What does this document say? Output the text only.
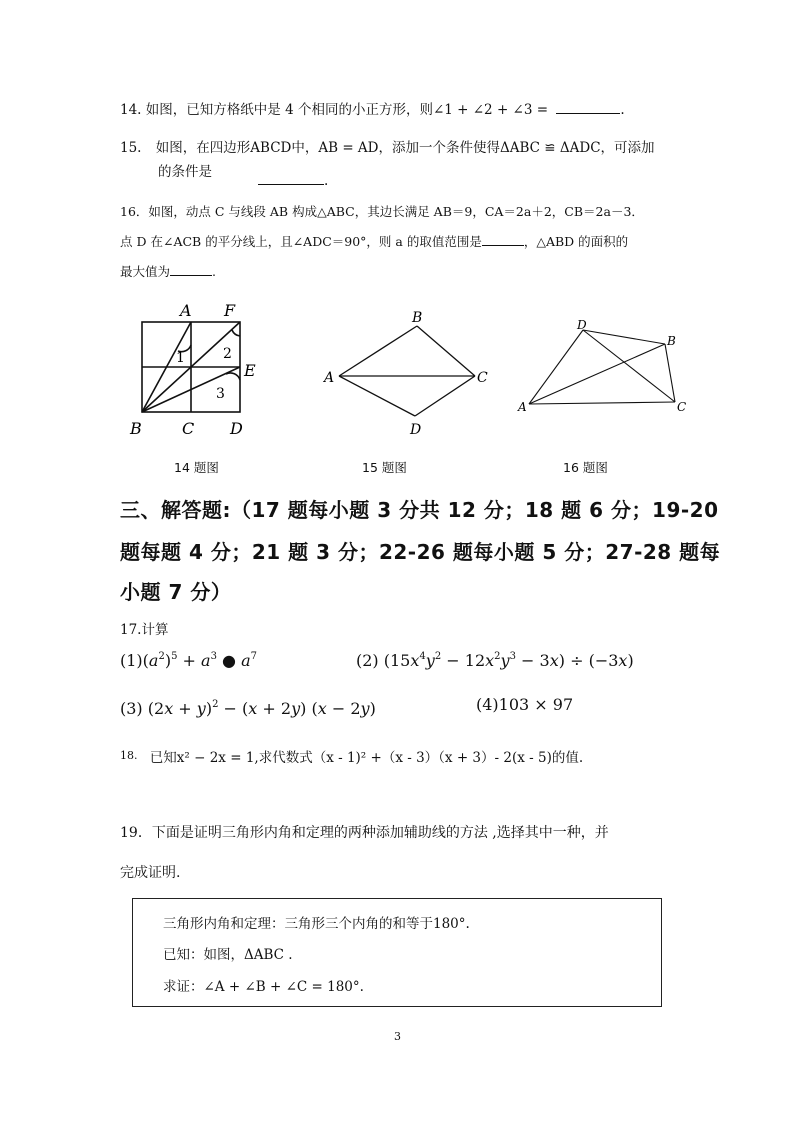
14. 如图，已知方格纸中是 4 个相同的小正方形，则∠1 + ∠2 + ∠3 =	.
15. 如图，在四边形ABCD中，AB = AD，添加一个条件使得ΔABC ≌ ΔADC，可添加
的条件是
.
16．如图，动点 C 与线段 AB 构成△ABC，其边长满足 AB＝9，CA＝2a＋2，CB＝2a－3．
点 D 在∠ACB 的平分线上，且∠ADC＝90°，则 a 的取值范围是	，△ABD 的面积的
最大值为	.
A F
E
B	C D
1	2
3
14 题图
B
A	C
D
15 题图
D
B
A	C
16 题图
三、解答题:（17 题每小题 3 分共 12 分；18 题 6 分；19-20
题每题 4 分；21 题 3 分；22-26 题每小题 5 分；27-28 题每
小题 7 分）
17.计算
$(1)(a^2)^5 + a^3$ ● $a^7$	(2) $(15x^4y^2 - 12x^2y^3 - 3x) \div (-3x)$
(3) $(2x + y)^2 - (x + 2y)$ (x − 2y)	(4)103 × 97
$^{18.}$ 已知x² − 2x = 1,求代数式（x - 1)² +（x - 3）（x + 3）- 2(x - 5)的值.
19．下面是证明三角形内角和定理的两种添加辅助线的方法 ,选择其中一种，并
完成证明.
三角形内角和定理：三角形三个内角的和等于180°.
已知：如图，ΔABC .
求证：∠A + ∠B + ∠C = 180°.
3
